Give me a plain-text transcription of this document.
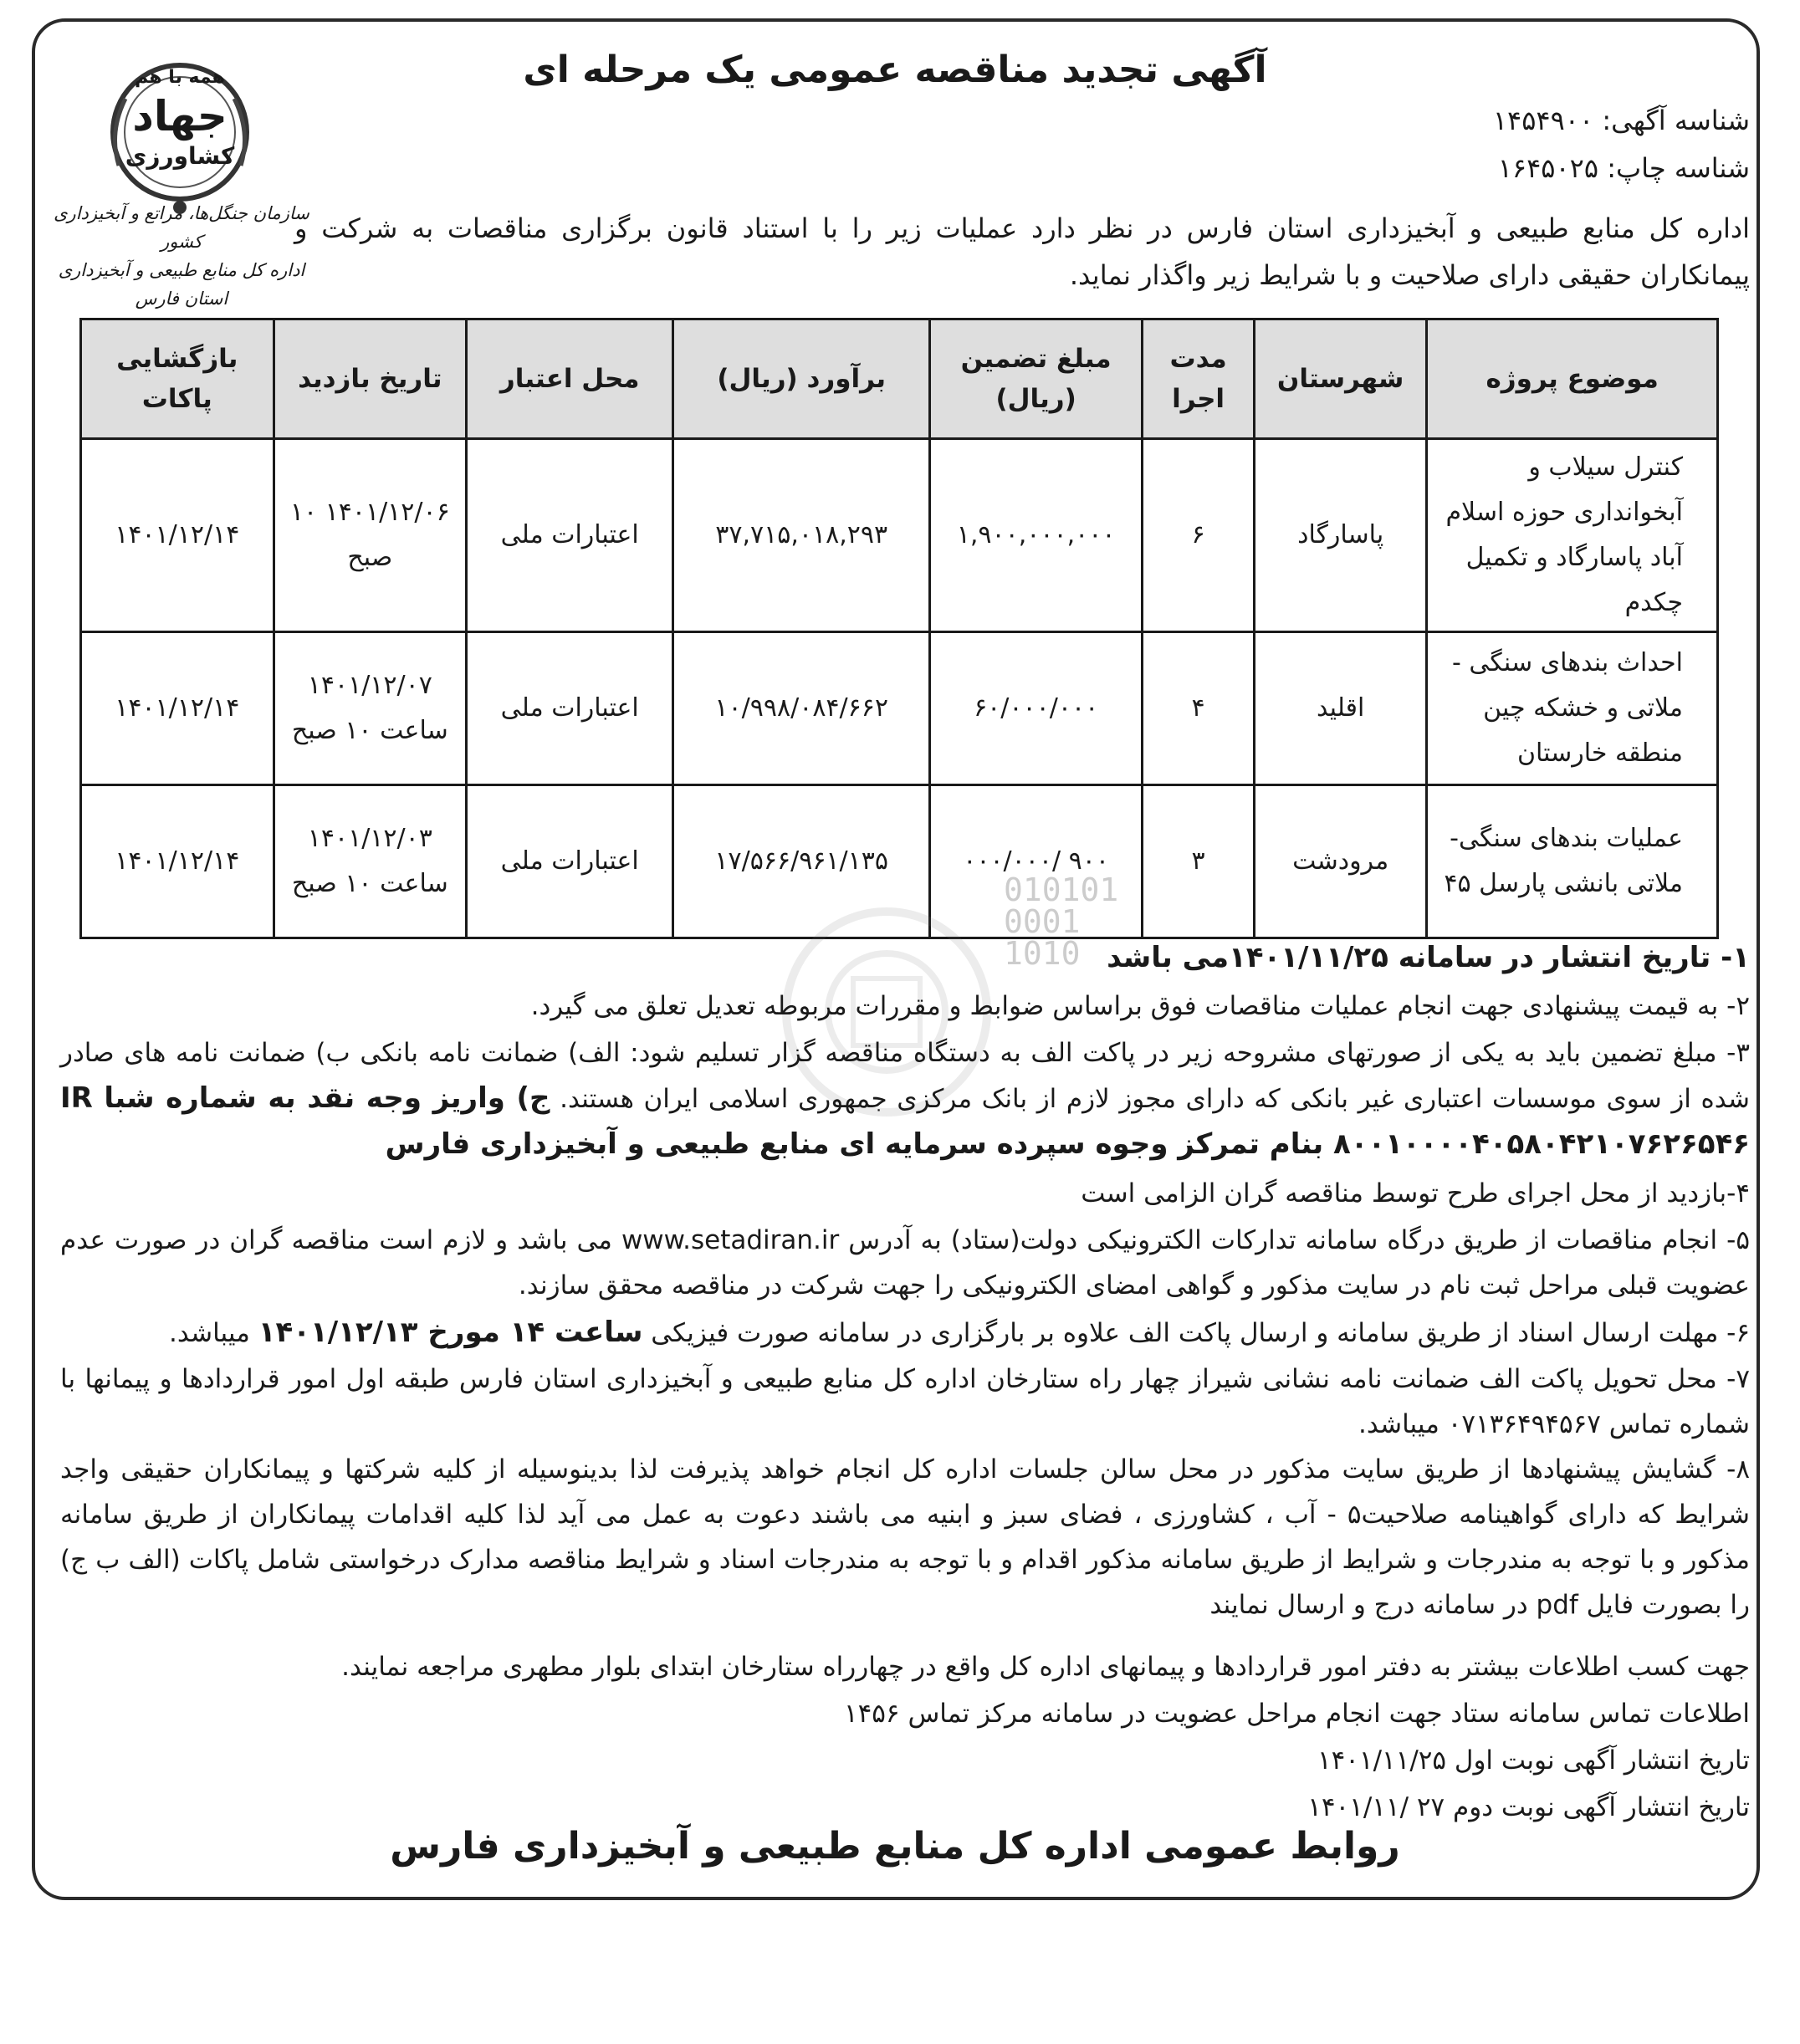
همه با هم
جهاد
کشاورزی
سازمان جنگل‌ها، مراتع و آبخیزداری کشور
اداره کل منابع طبیعی و آبخیزداری استان فارس
آگهی تجدید مناقصه عمومی یک مرحله ای
شناسه آگهی: ۱۴۵۴۹۰۰
شناسه چاپ: ۱۶۴۵۰۲۵
اداره کل منابع طبیعی و آبخیزداری استان فارس در نظر دارد عملیات زیر را با استناد قانون برگزاری مناقصات به شرکت و پیمانکاران حقیقی دارای صلاحیت و با شرایط زیر واگذار نماید.
موضوع پروژه	شهرستان	مدت اجرا	مبلغ تضمین (ریال)	برآورد (ریال)	محل اعتبار	تاریخ بازدید	بازگشایی پاکات
کنترل سیلاب و آبخوانداری حوزه اسلام آباد پاسارگاد و تکمیل چکدم	پاسارگاد	۶	۱,۹۰۰,۰۰۰,۰۰۰	۳۷,۷۱۵,۰۱۸,۲۹۳	اعتبارات ملی	۱۴۰۱/۱۲/۰۶ ۱۰ صبح	۱۴۰۱/۱۲/۱۴
احداث بندهای سنگی - ملاتی و خشکه چین منطقه خارستان	اقلید	۴	۶۰/۰۰۰/۰۰۰	۱۰/۹۹۸/۰۸۴/۶۶۲	اعتبارات ملی	۱۴۰۱/۱۲/۰۷ ساعت ۱۰ صبح	۱۴۰۱/۱۲/۱۴
عملیات بندهای سنگی- ملاتی بانشی پارسل ۴۵	مرودشت	۳	۹۰۰ /۰۰۰/۰۰۰	۱۷/۵۶۶/۹۶۱/۱۳۵	اعتبارات ملی	۱۴۰۱/۱۲/۰۳ ساعت ۱۰ صبح	۱۴۰۱/۱۲/۱۴
010101
0001
1010 ۱- تاریخ انتشار در سامانه ۱۴۰۱/۱۱/۲۵می باشد
۲- به قیمت پیشنهادی جهت انجام عملیات مناقصات فوق براساس ضوابط و مقررات مربوطه تعدیل تعلق می گیرد.
۳- مبلغ تضمین باید به یکی از صورتهای مشروحه زیر در پاکت الف به دستگاه مناقصه گزار تسلیم شود: الف) ضمانت نامه بانکی ب) ضمانت نامه های صادر شده از سوی موسسات اعتباری غیر بانکی که دارای مجوز لازم از بانک مرکزی جمهوری اسلامی ایران هستند. ج) واریز وجه نقد به شماره شبا IR ۸۰۰۱۰۰۰۰۴۰۵۸۰۴۲۱۰۷۶۲۶۵۴۶ بنام تمرکز وجوه سپرده سرمایه ای منابع طبیعی و آبخیزداری فارس
۴-بازدید از محل اجرای طرح توسط مناقصه گران الزامی است
۵- انجام مناقصات از طریق درگاه سامانه تدارکات الکترونیکی دولت(ستاد) به آدرس www.setadiran.ir می باشد و لازم است مناقصه گران در صورت عدم عضویت قبلی مراحل ثبت نام در سایت مذکور و گواهی امضای الکترونیکی را جهت شرکت در مناقصه محقق سازند.
۶- مهلت ارسال اسناد از طریق سامانه و ارسال پاکت الف علاوه بر بارگزاری در سامانه صورت فیزیکی ساعت ۱۴ مورخ ۱۴۰۱/۱۲/۱۳ میباشد.
۷- محل تحویل پاکت الف ضمانت نامه نشانی شیراز چهار راه ستارخان اداره کل منابع طبیعی و آبخیزداری استان فارس طبقه اول امور قراردادها و پیمانها با شماره تماس ۰۷۱۳۶۴۹۴۵۶۷ میباشد.
۸- گشایش پیشنهادها از طریق سایت مذکور در محل سالن جلسات اداره کل انجام خواهد پذیرفت لذا بدینوسیله از کلیه شرکتها و پیمانکاران حقیقی واجد شرایط که دارای گواهینامه صلاحیت۵ - آب ، کشاورزی ، فضای سبز و ابنیه می باشند دعوت به عمل می آید لذا کلیه اقدامات پیمانکاران از طریق سامانه مذکور و با توجه به مندرجات و شرایط از طریق سامانه مذکور اقدام و با توجه به مندرجات اسناد و شرایط مناقصه مدارک درخواستی شامل پاکات (الف ب ج) را بصورت فایل pdf در سامانه درج و ارسال نمایند
جهت کسب اطلاعات بیشتر به دفتر امور قراردادها و پیمانهای اداره کل واقع در چهارراه ستارخان ابتدای بلوار مطهری مراجعه نمایند.
اطلاعات تماس سامانه ستاد جهت انجام مراحل عضویت در سامانه مرکز تماس ۱۴۵۶
تاریخ انتشار آگهی نوبت اول ۱۴۰۱/۱۱/۲۵
تاریخ انتشار آگهی نوبت دوم ۲۷ /۱۴۰۱/۱۱
روابط عمومی اداره کل منابع طبیعی و آبخیزداری فارس
